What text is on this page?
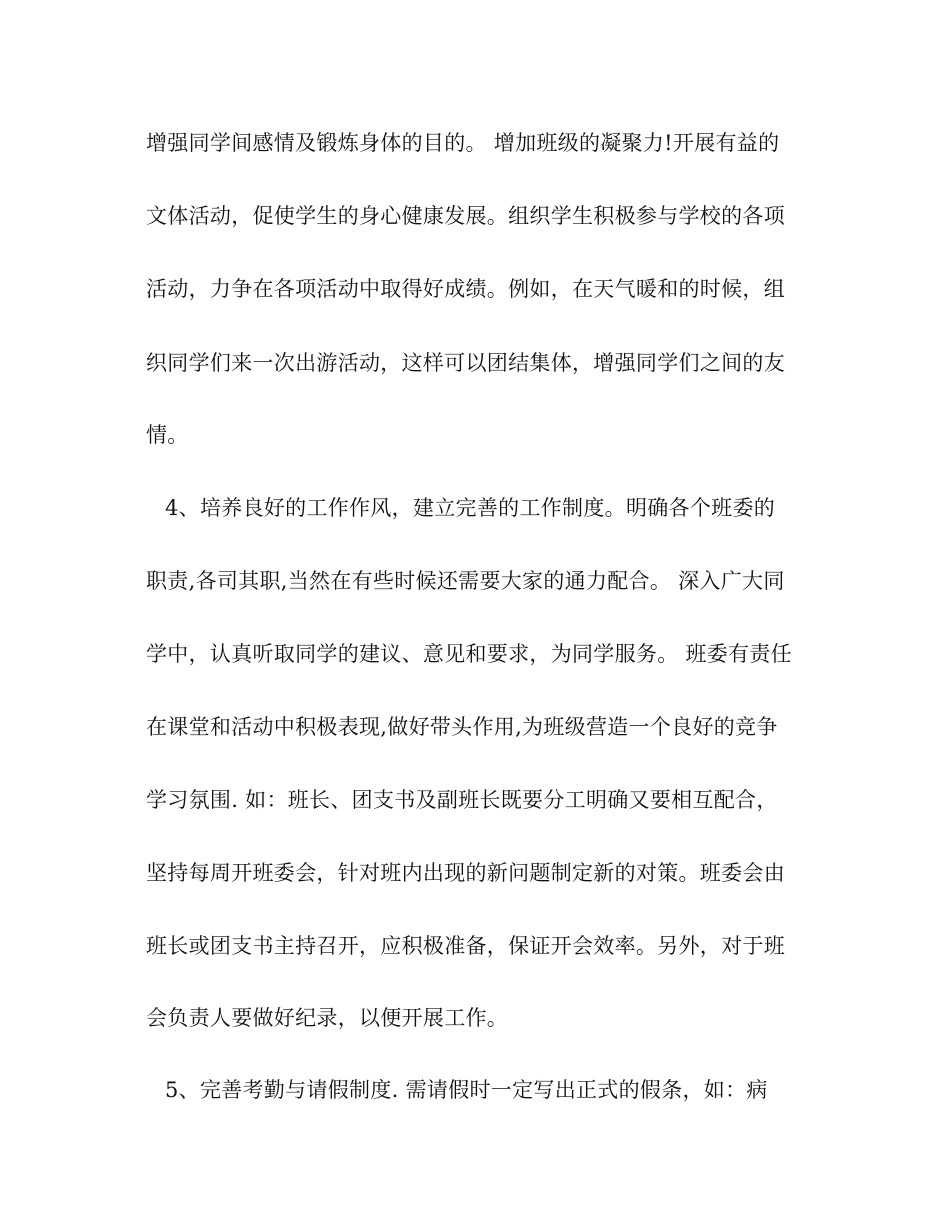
增强同学间感情及锻炼身体的目的。 增加班级的凝聚力!开展有益的
文体活动，促使学生的身心健康发展。组织学生积极参与学校的各项
活动，力争在各项活动中取得好成绩。例如，在天气暖和的时候，组
织同学们来一次出游活动，这样可以团结集体，增强同学们之间的友
情。
4、培养良好的工作作风，建立完善的工作制度。明确各个班委的
职责,各司其职,当然在有些时候还需要大家的通力配合。 深入广大同
学中，认真听取同学的建议、意见和要求，为同学服务。 班委有责任
在课堂和活动中积极表现,做好带头作用,为班级营造一个良好的竞争
学习氛围. 如：班长、团支书及副班长既要分工明确又要相互配合，
坚持每周开班委会，针对班内出现的新问题制定新的对策。班委会由
班长或团支书主持召开，应积极准备，保证开会效率。另外，对于班
会负责人要做好纪录，以便开展工作。
5、完善考勤与请假制度. 需请假时一定写出正式的假条，如：病
